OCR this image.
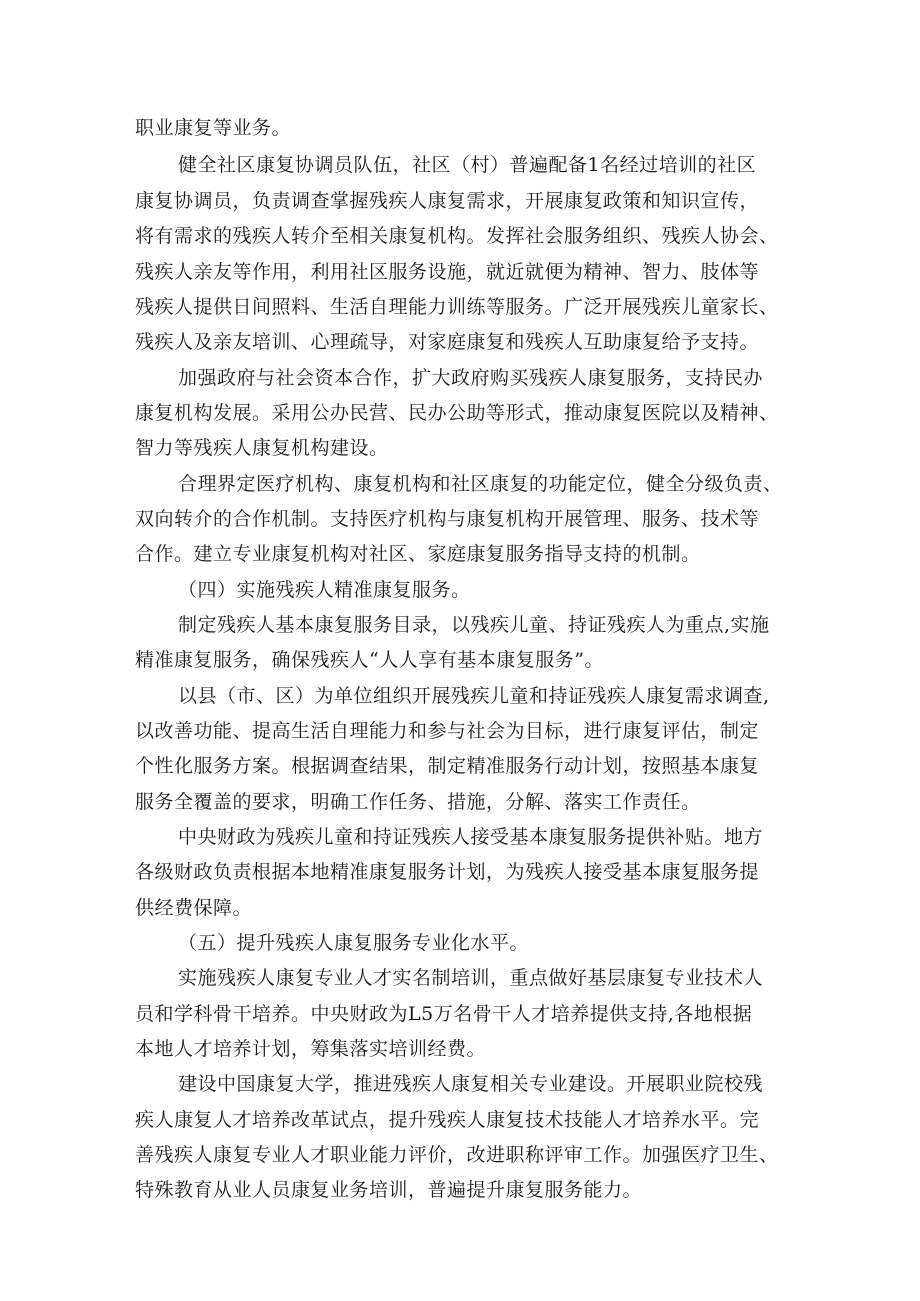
职业康复等业务。
健全社区康复协调员队伍，社区（村）普遍配备1名经过培训的社区
康复协调员，负责调查掌握残疾人康复需求，开展康复政策和知识宣传，
将有需求的残疾人转介至相关康复机构。发挥社会服务组织、残疾人协会、
残疾人亲友等作用，利用社区服务设施，就近就便为精神、智力、肢体等
残疾人提供日间照料、生活自理能力训练等服务。广泛开展残疾儿童家长、
残疾人及亲友培训、心理疏导，对家庭康复和残疾人互助康复给予支持。
加强政府与社会资本合作，扩大政府购买残疾人康复服务，支持民办
康复机构发展。采用公办民营、民办公助等形式，推动康复医院以及精神、
智力等残疾人康复机构建设。
合理界定医疗机构、康复机构和社区康复的功能定位，健全分级负责、
双向转介的合作机制。支持医疗机构与康复机构开展管理、服务、技术等
合作。建立专业康复机构对社区、家庭康复服务指导支持的机制。
（四）实施残疾人精准康复服务。
制定残疾人基本康复服务目录，以残疾儿童、持证残疾人为重点,实施
精准康复服务，确保残疾人“人人享有基本康复服务”。
以县（市、区）为单位组织开展残疾儿童和持证残疾人康复需求调查,
以改善功能、提高生活自理能力和参与社会为目标，进行康复评估，制定
个性化服务方案。根据调查结果，制定精准服务行动计划，按照基本康复
服务全覆盖的要求，明确工作任务、措施，分解、落实工作责任。
中央财政为残疾儿童和持证残疾人接受基本康复服务提供补贴。地方
各级财政负责根据本地精准康复服务计划，为残疾人接受基本康复服务提
供经费保障。
（五）提升残疾人康复服务专业化水平。
实施残疾人康复专业人才实名制培训，重点做好基层康复专业技术人
员和学科骨干培养。中央财政为L5万名骨干人才培养提供支持,各地根据
本地人才培养计划，筹集落实培训经费。
建设中国康复大学，推进残疾人康复相关专业建设。开展职业院校残
疾人康复人才培养改革试点，提升残疾人康复技术技能人才培养水平。完
善残疾人康复专业人才职业能力评价，改进职称评审工作。加强医疗卫生、
特殊教育从业人员康复业务培训，普遍提升康复服务能力。
